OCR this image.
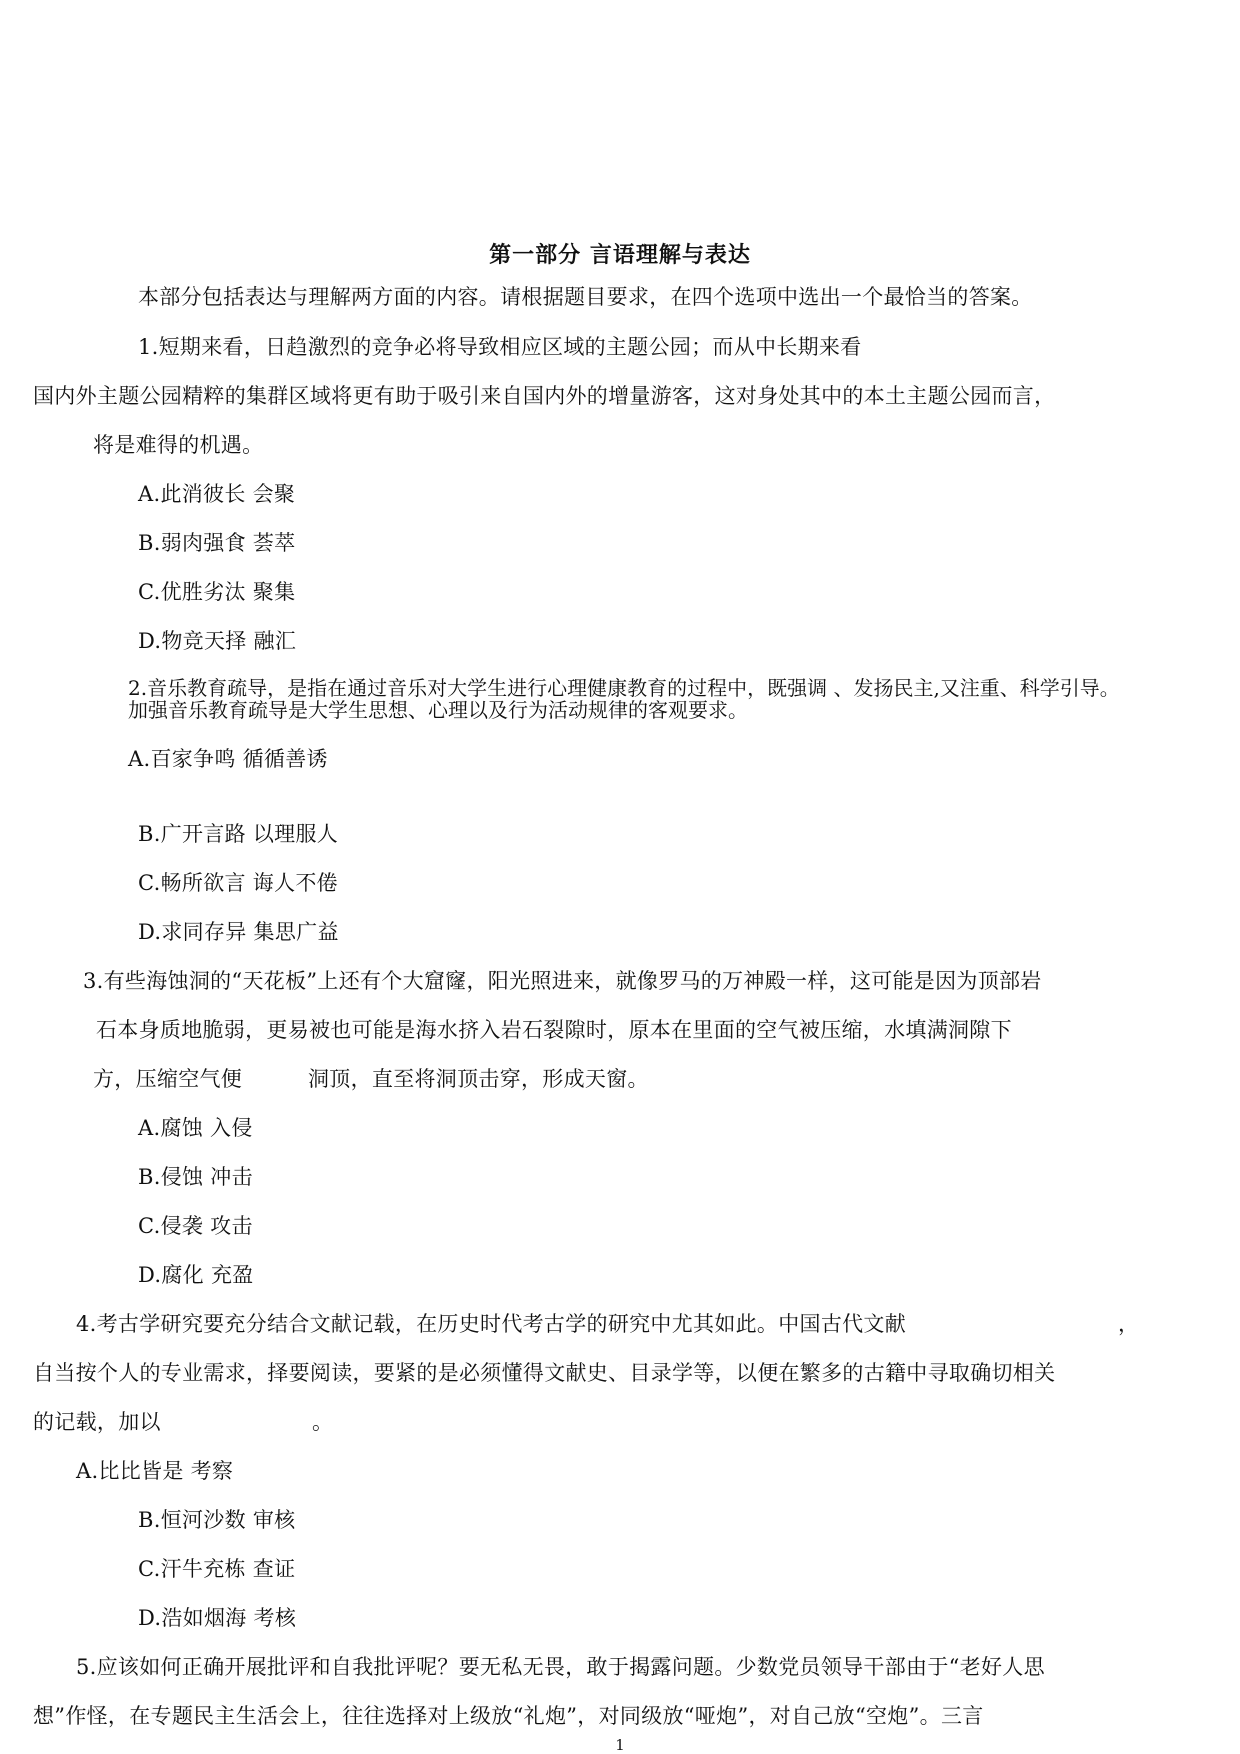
第一部分 言语理解与表达
本部分包括表达与理解两方面的内容。请根据题目要求，在四个选项中选出一个最恰当的答案。
1.短期来看，日趋激烈的竞争必将导致相应区域的主题公园；而从中长期来看
国内外主题公园精粹的集群区域将更有助于吸引来自国内外的增量游客，这对身处其中的本土主题公园而言，
将是难得的机遇。
A.此消彼长 会聚
B.弱肉强食 荟萃
C.优胜劣汰 聚集
D.物竞天择 融汇
2.音乐教育疏导，是指在通过音乐对大学生进行心理健康教育的过程中，既强调 、发扬民主,又注重、科学引导。
加强音乐教育疏导是大学生思想、心理以及行为活动规律的客观要求。
A.百家争鸣 循循善诱
B.广开言路 以理服人
C.畅所欲言 诲人不倦
D.求同存异 集思广益
3.有些海蚀洞的“天花板”上还有个大窟窿，阳光照进来，就像罗马的万神殿一样，这可能是因为顶部岩
石本身质地脆弱，更易被也可能是海水挤入岩石裂隙时，原本在里面的空气被压缩，水填满洞隙下
方，压缩空气便	洞顶，直至将洞顶击穿，形成天窗。
A.腐蚀 入侵
B.侵蚀 冲击
C.侵袭 攻击
D.腐化 充盈
4.考古学研究要充分结合文献记载，在历史时代考古学的研究中尤其如此。中国古代文献	，
自当按个人的专业需求，择要阅读，要紧的是必须懂得文献史、目录学等，以便在繁多的古籍中寻取确切相关
的记载，加以	。
A.比比皆是 考察
B.恒河沙数 审核
C.汗牛充栋 查证
D.浩如烟海 考核
5.应该如何正确开展批评和自我批评呢？要无私无畏，敢于揭露问题。少数党员领导干部由于“老好人思
想”作怪，在专题民主生活会上，往往选择对上级放“礼炮”，对同级放“哑炮”，对自己放“空炮”。三言
1
